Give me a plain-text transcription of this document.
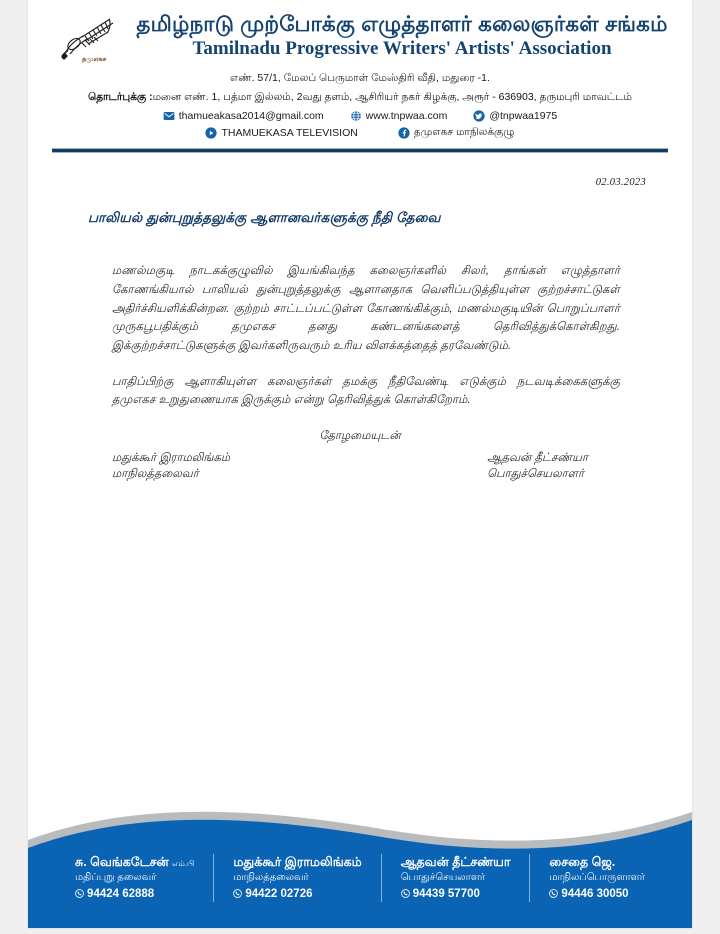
தமுஎகச
தமிழ்நாடு முற்போக்கு எழுத்தாளர் கலைஞர்கள் சங்கம்
Tamilnadu Progressive Writers' Artists' Association
எண். 57/1, மேலப் பெருமாள் மேஸ்திரி வீதி, மதுரை -1.
தொடர்புக்கு :மனை எண். 1, பத்மா இல்லம், 2வது தளம், ஆசிரியர் நகர் கிழக்கு, அரூர் - 636903, தருமபுரி மாவட்டம்
thamueakasa2014@gmail.com	www.tnpwaa.com	@tnpwaa1975
THAMUEKASA TELEVISION	தமுஎகச மாநிலக்குழு
02.03.2023
பாலியல் துன்புறுத்தலுக்கு ஆளானவர்களுக்கு நீதி தேவை

மணல்மகுடி நாடகக்குழுவில் இயங்கிவந்த கலைஞர்களில் சிலர், தாங்கள் எழுத்தாளர் கோணங்கியால் பாலியல் துன்புறுத்தலுக்கு ஆளானதாக வெளிப்படுத்தியுள்ள குற்றச்சாட்டுகள் அதிர்ச்சியளிக்கின்றன. குற்றம் சாட்டப்பட்டுள்ள கோணங்கிக்கும், மணல்மகுடியின் பொறுப்பாளர் முருகபூபதிக்கும் தமுஎகச தனது கண்டனங்களைத் தெரிவித்துக்கொள்கிறது. இக்குற்றச்சாட்டுகளுக்கு இவர்களிருவரும் உரிய விளக்கத்தைத் தரவேண்டும்.

பாதிப்பிற்கு ஆளாகியுள்ள கலைஞர்கள் தமக்கு நீதிவேண்டி எடுக்கும் நடவடிக்கைகளுக்கு தமுஎகச உறுதுணையாக இருக்கும் என்று தெரிவித்துக் கொள்கிறோம்.

தோழமையுடன்
மதுக்கூர் இராமலிங்கம்
மாநிலத்தலைவர்
ஆதவன் தீட்சண்யா
பொதுச்செயலாளர்
சு. வெங்கடேசன் எம்.பி
மதிப்புறு தலைவர்
94424 62888
மதுக்கூர் இராமலிங்கம்
மாநிலத்தலைவர்
94422 02726
ஆதவன் தீட்சண்யா
பொதுச்செயலாளர்
94439 57700
சைதை ஜெ.
மாநிலப்பொருளாளர்
94446 30050
